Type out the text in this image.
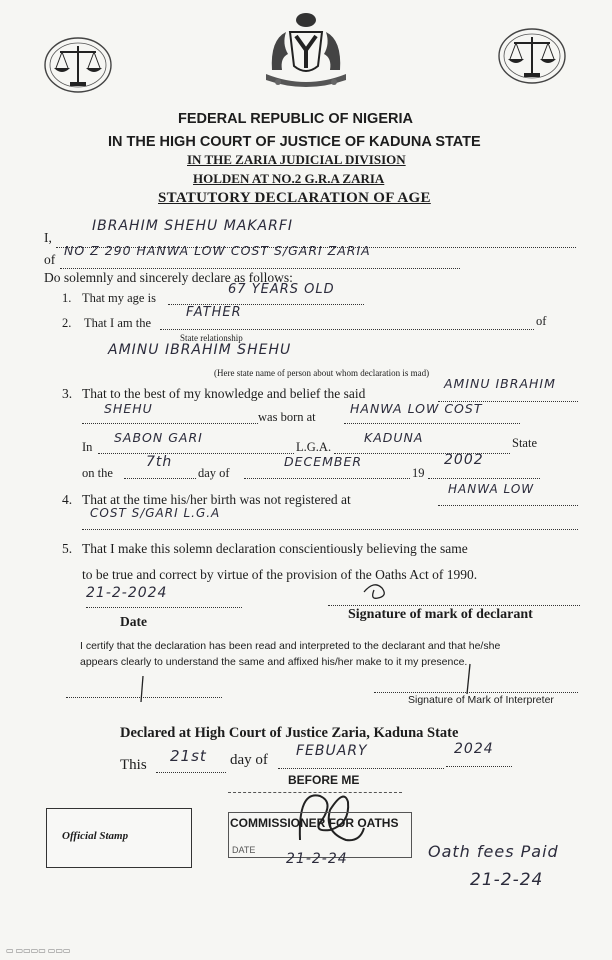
FEDERAL REPUBLIC OF NIGERIA
IN THE HIGH COURT OF JUSTICE OF KADUNA STATE
IN THE ZARIA JUDICIAL DIVISION
HOLDEN AT NO.2 G.R.A ZARIA
STATUTORY DECLARATION OF AGE
I,
IBRAHIM SHEHU MAKARFI
of
NO Z 290 HANWA LOW COST S/GARI ZARIA
Do solemnly and sincerely declare as follows:
1. That my age is
67 YEARS OLD
2. That I am the
FATHER
of
State relationship
AMINU IBRAHIM SHEHU
(Here state name of person about whom declaration is mad)
3. That to the best of my knowledge and belief the said
AMINU IBRAHIM
SHEHU
was born at
HANWA LOW COST
In
SABON GARI
L.G.A.
KADUNA	State
on the
7th
day of
DECEMBER
19
2002
4. That at the time his/her birth was not registered at
HANWA LOW
COST S/GARI L.G.A
5. That I make this solemn declaration conscientiously believing the same
to be true and correct by virtue of the provision of the Oaths Act of 1990.
21-2-2024
Date	Signature of mark of declarant
I certify that the declaration has been read and interpreted to the declarant and that he/she
appears clearly to understand the same and affixed his/her make to it my presence.
Signature of Mark of Interpreter
Declared at High Court of Justice Zaria, Kaduna State
This 21st day of
FEBUARY	2024
BEFORE ME
Official Stamp
COMMISSIONER FOR OATHS
DATE
21-2-24	Oath fees Paid
21-2-24
▭ ▭▭▭▭ ▭▭▭
